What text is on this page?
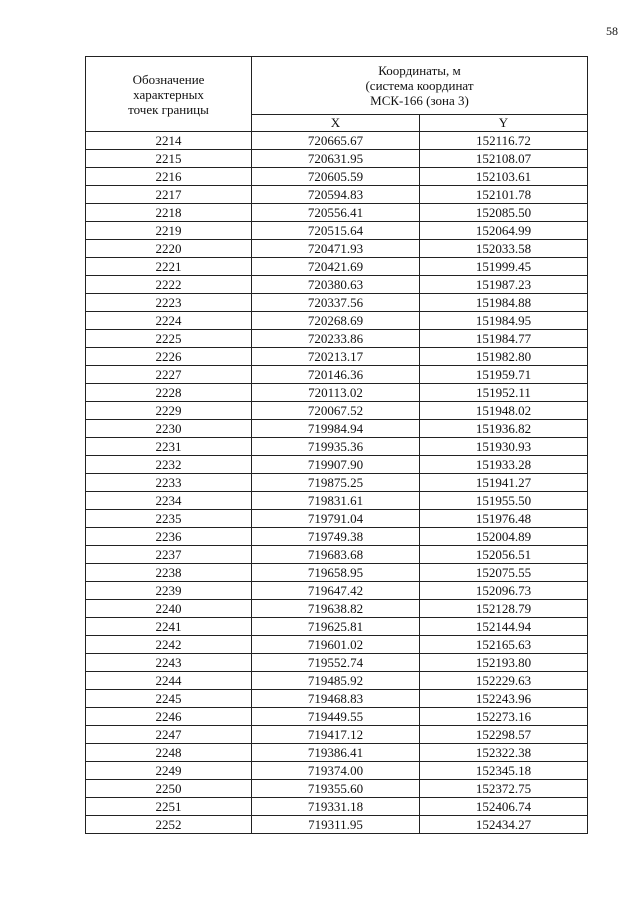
58
Обозначение
характерных
точек границы	Координаты, м
(система координат
МСК-166 (зона 3)	

	X	Y
2214	720665.67	152116.72
2215	720631.95	152108.07
2216	720605.59	152103.61
2217	720594.83	152101.78
2218	720556.41	152085.50
2219	720515.64	152064.99
2220	720471.93	152033.58
2221	720421.69	151999.45
2222	720380.63	151987.23
2223	720337.56	151984.88
2224	720268.69	151984.95
2225	720233.86	151984.77
2226	720213.17	151982.80
2227	720146.36	151959.71
2228	720113.02	151952.11
2229	720067.52	151948.02
2230	719984.94	151936.82
2231	719935.36	151930.93
2232	719907.90	151933.28
2233	719875.25	151941.27
2234	719831.61	151955.50
2235	719791.04	151976.48
2236	719749.38	152004.89
2237	719683.68	152056.51
2238	719658.95	152075.55
2239	719647.42	152096.73
2240	719638.82	152128.79
2241	719625.81	152144.94
2242	719601.02	152165.63
2243	719552.74	152193.80
2244	719485.92	152229.63
2245	719468.83	152243.96
2246	719449.55	152273.16
2247	719417.12	152298.57
2248	719386.41	152322.38
2249	719374.00	152345.18
2250	719355.60	152372.75
2251	719331.18	152406.74
2252	719311.95	152434.27
